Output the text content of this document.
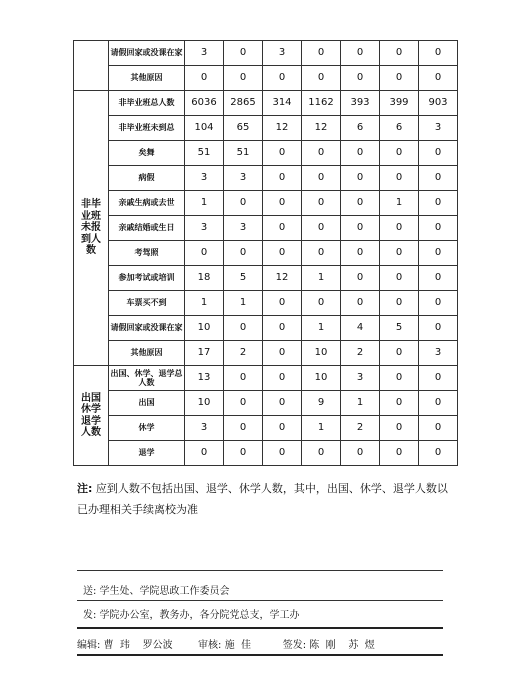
	请假回家或没课在家	3	0	3	0	0	0	0
	其他原因	0	0	0	0	0	0	0

非毕
业班
未报
到人
数	非毕业班总人数	6036	2865	314	1162	393	399	903
	非毕业班未到总	104	65	12	12	6	6	3
	矣舞	51	51	0	0	0	0	0
	病假	3	3	0	0	0	0	0
	亲戚生病或去世	1	0	0	0	0	1	0
	亲戚结婚或生日	3	3	0	0	0	0	0
	考驾照	0	0	0	0	0	0	0
	参加考试或培训	18	5	12	1	0	0	0
	车票买不到	1	1	0	0	0	0	0
	请假回家或没课在家	10	0	0	1	4	5	0
	其他原因	17	2	0	10	2	0	3

出国
休学
退学
人数	出国、休学、退学总人数	13	0	0	10	3	0	0
	出国	10	0	0	9	1	0	0
	休学	3	0	0	1	2	0	0
	退学	0	0	0	0	0	0	0
注: 应到人数不包括出国、退学、休学人数，其中，出国、休学、退学人数以已办理相关手续离校为准
送: 学生处、学院思政工作委员会
发: 学院办公室，教务办，各分院党总支，学工办
编辑: 曹  玮    罗公波        审核: 施  佳          签发: 陈  刚    苏  煜
